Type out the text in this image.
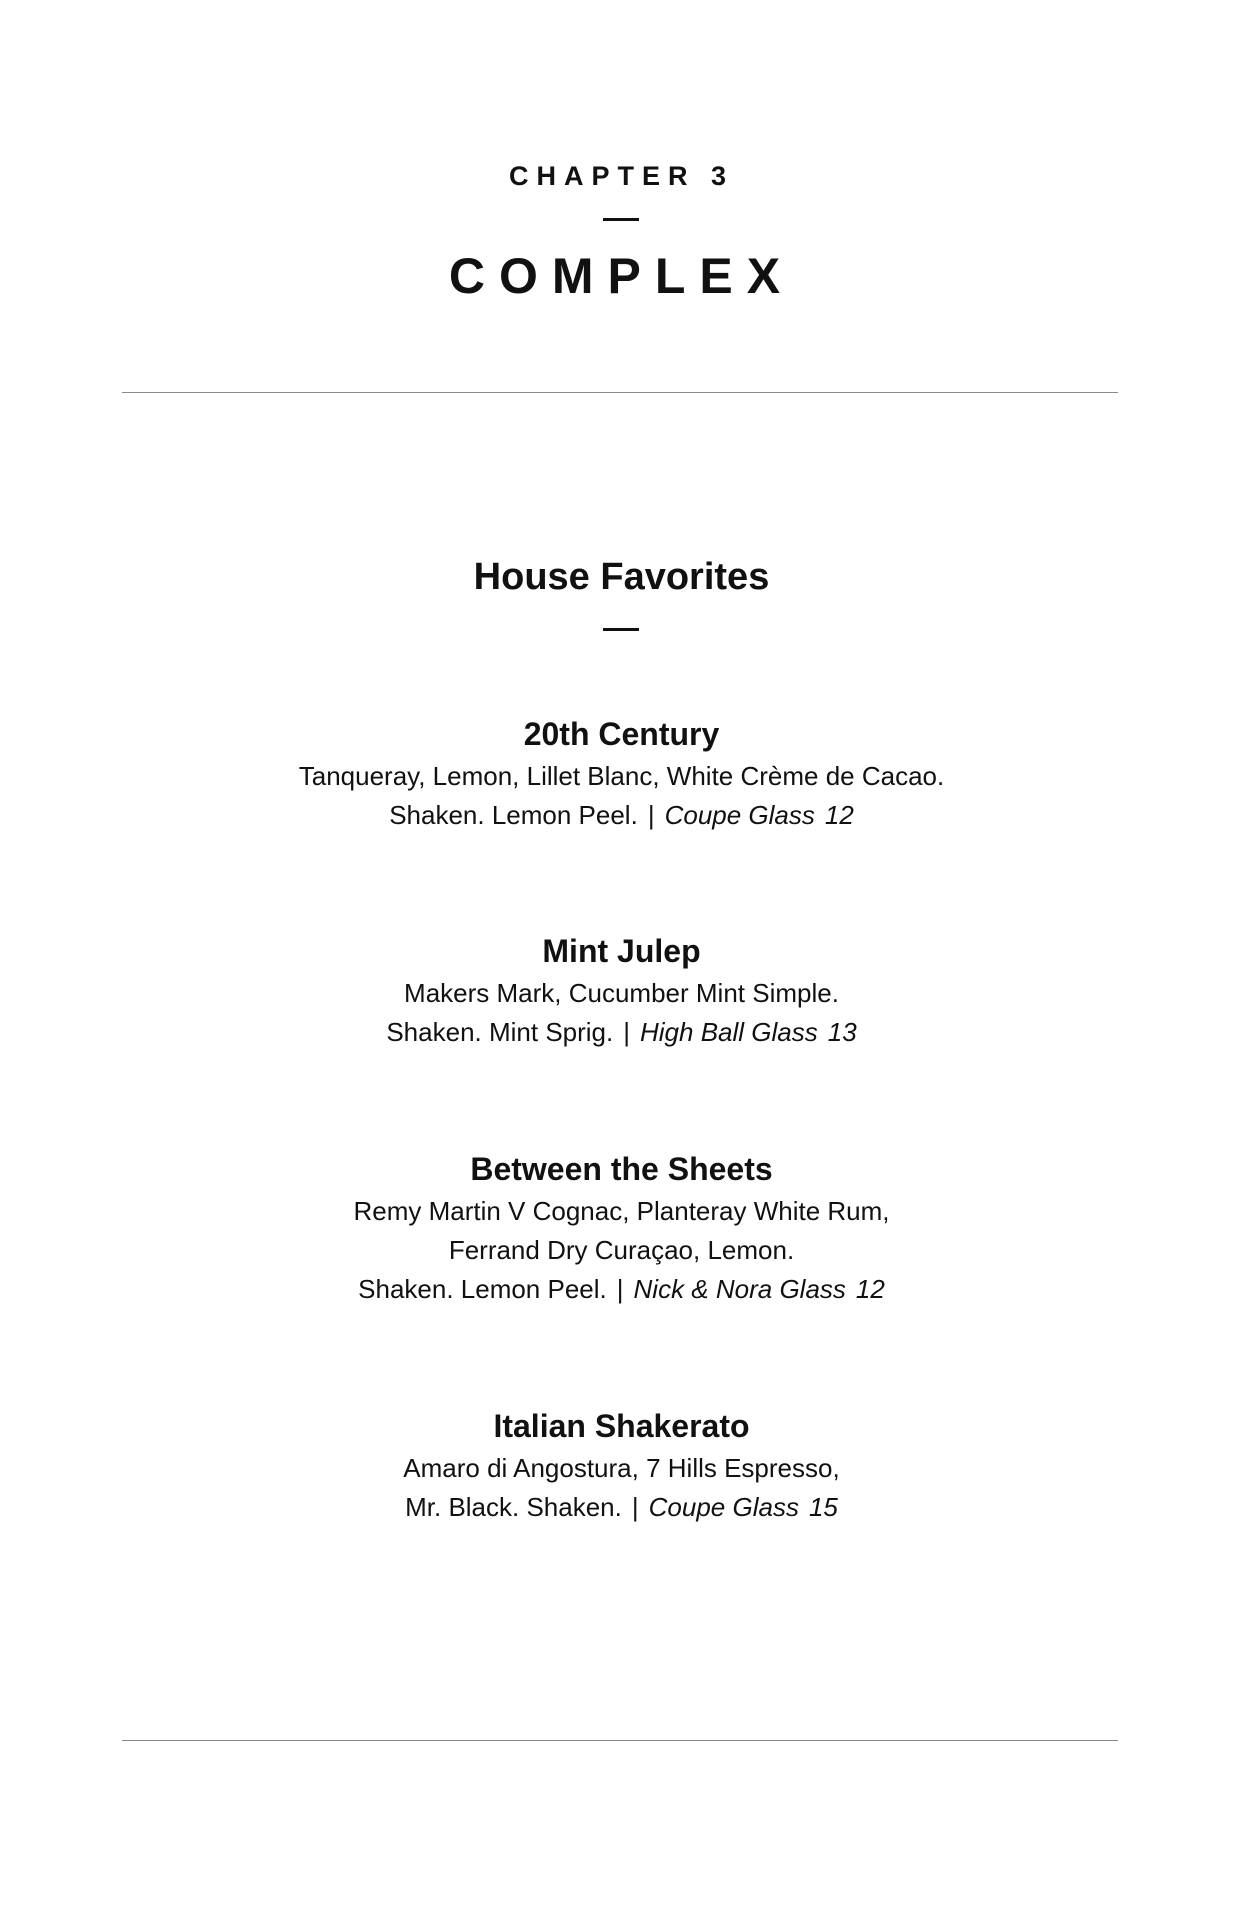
CHAPTER 3
COMPLEX
House Favorites

20th Century

Tanqueray, Lemon, Lillet Blanc, White Crème de Cacao.

Shaken. Lemon Peel. | Coupe Glass 12

Mint Julep

Makers Mark, Cucumber Mint Simple.

Shaken. Mint Sprig. | High Ball Glass 13

Between the Sheets

Remy Martin V Cognac, Planteray White Rum,

Ferrand Dry Curaçao, Lemon.

Shaken. Lemon Peel. | Nick & Nora Glass 12

Italian Shakerato

Amaro di Angostura, 7 Hills Espresso,

Mr. Black. Shaken. | Coupe Glass 15
